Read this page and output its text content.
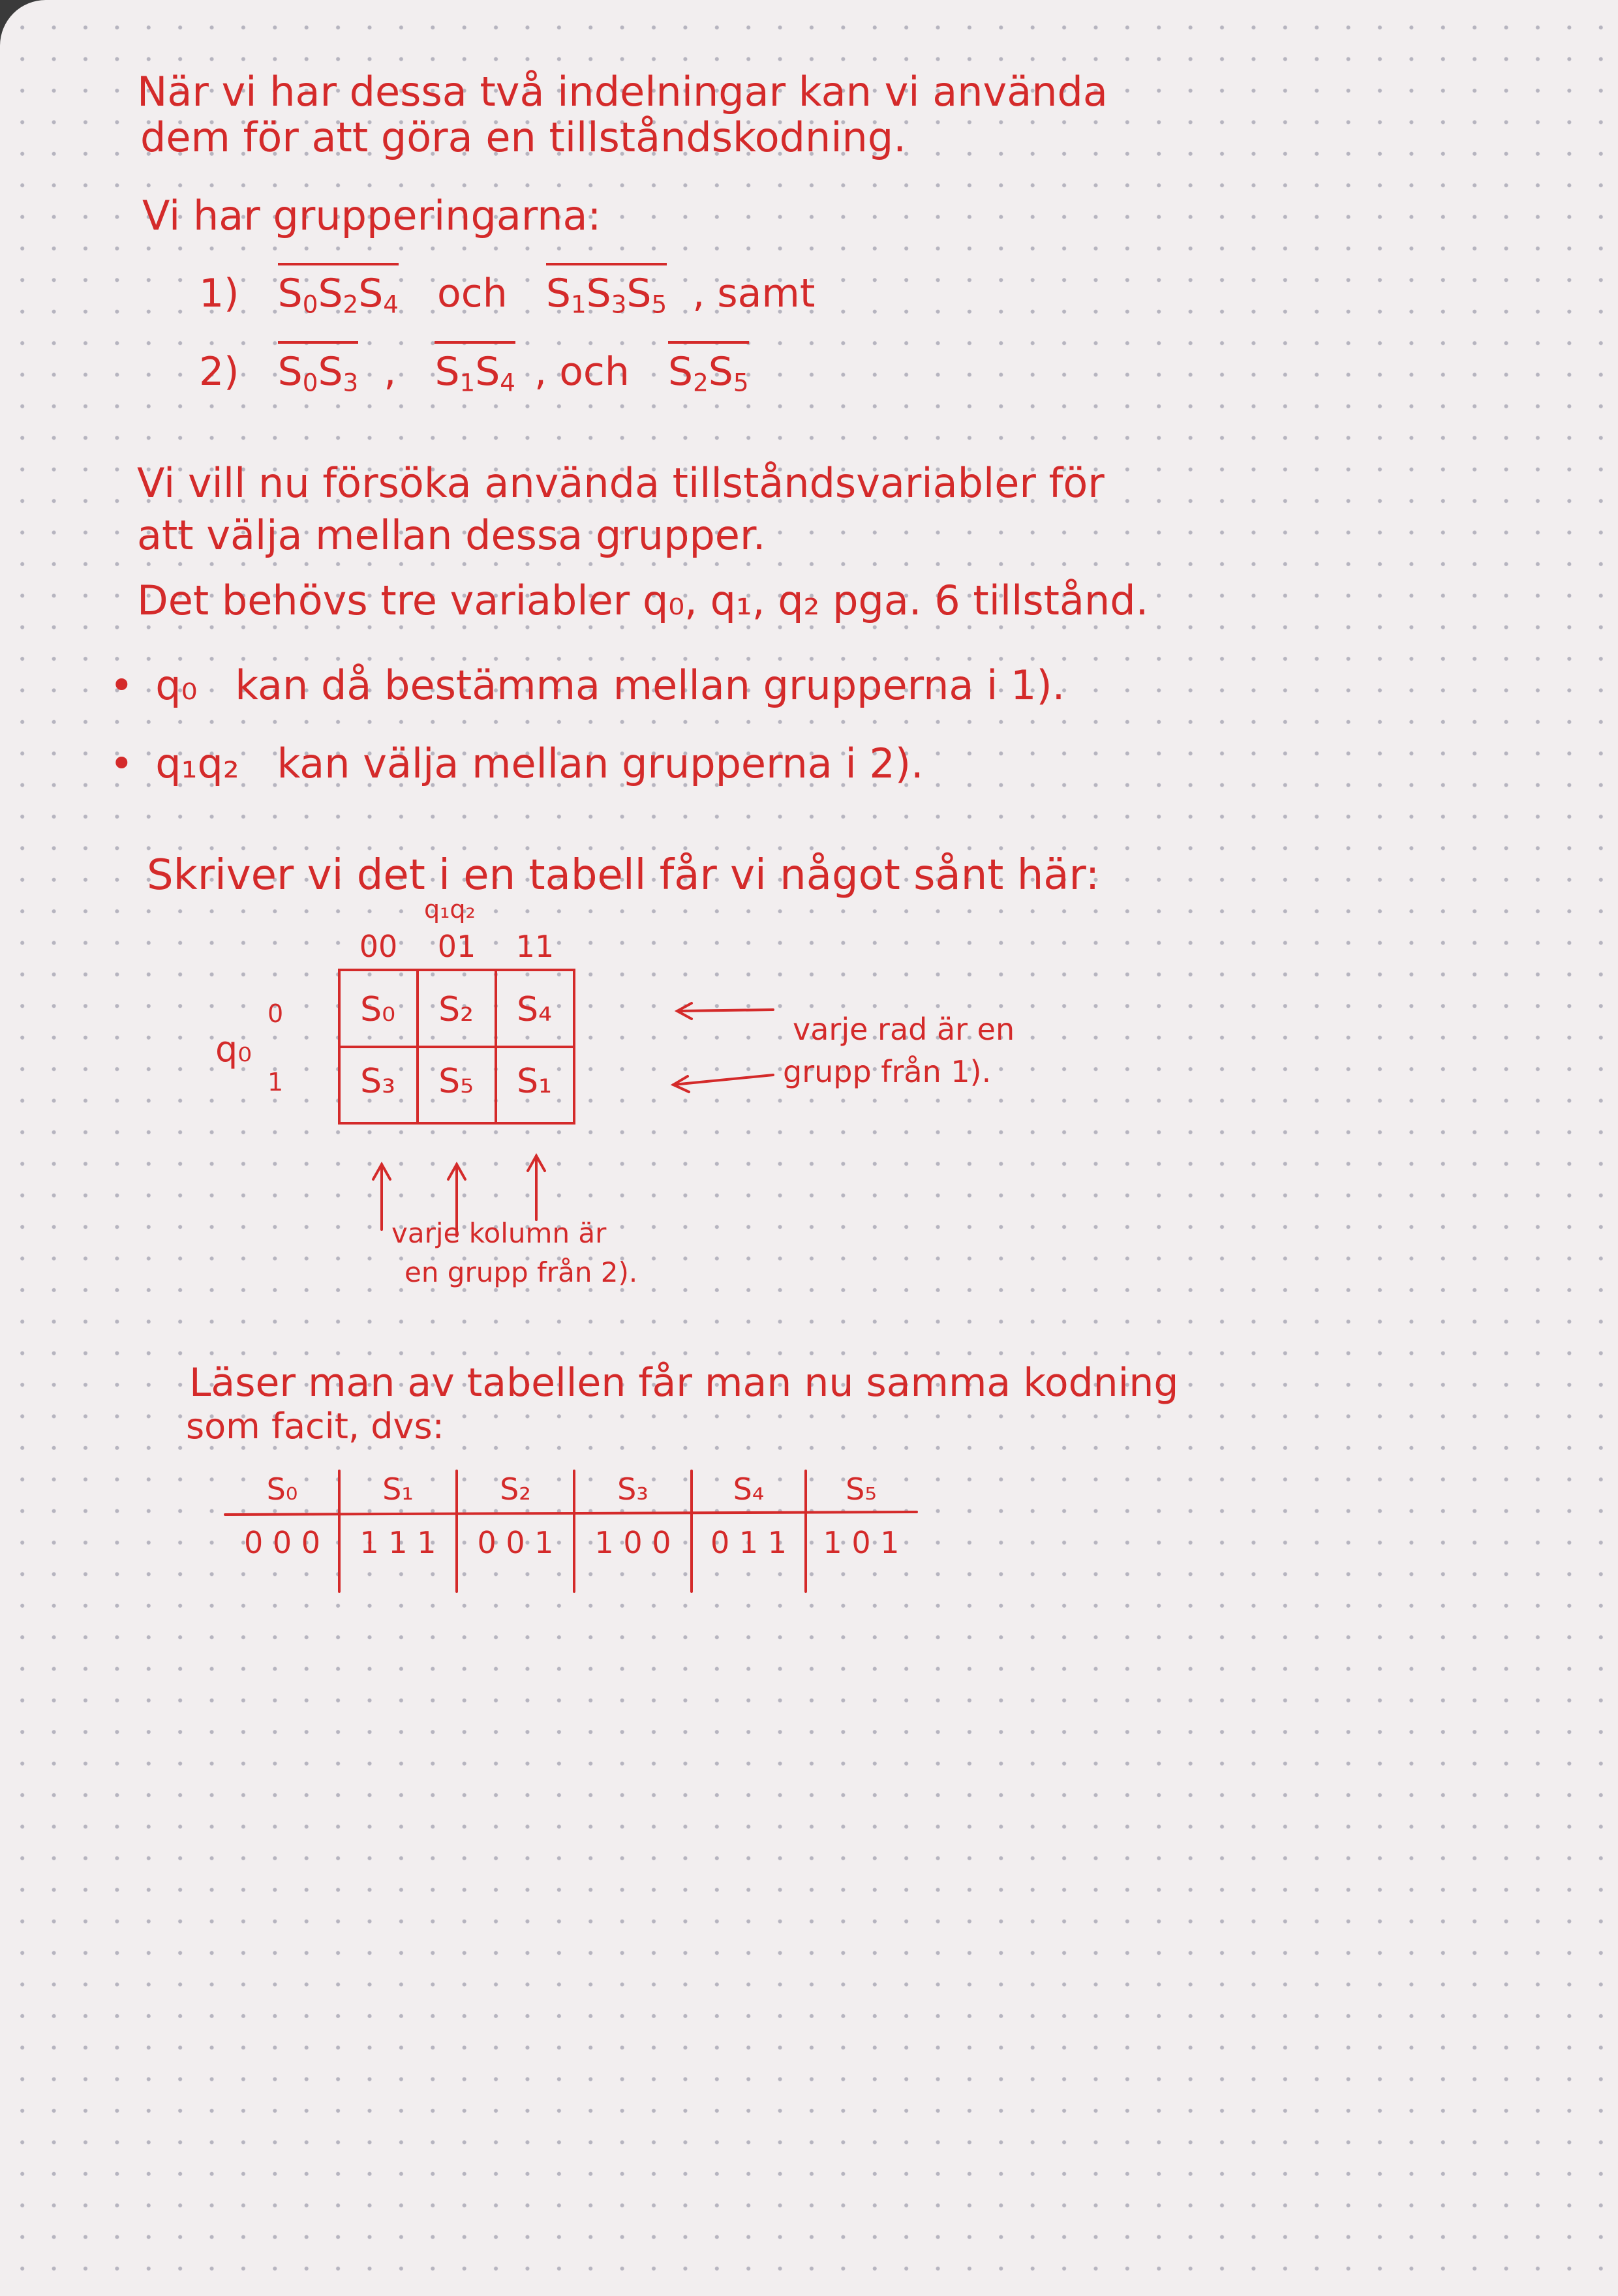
När vi har dessa två indelningar kan vi använda
dem för att göra en tillståndskodning.
Vi har grupperingarna:
1) $S_0S_2S_4$ och $S_1S_3S_5$ , samt
2) $S_0S_3$ , $S_1S_4$ , och $S_2S_5$
Vi vill nu försöka använda tillståndsvariabler för
att välja mellan dessa grupper.
Det behövs tre variabler q₀, q₁, q₂ pga. 6 tillstånd.
• q₀ kan då bestämma mellan grupperna i 1).
• q₁q₂ kan välja mellan grupperna i 2).
Skriver vi det i en tabell får vi något sånt här:
q₁q₂
00	01	11
q₀
0
1
S₀	S₂	S₄
S₃	S₅	S₁
varje rad är en
grupp från 1).
varje kolumn är
en grupp från 2).
Läser man av tabellen får man nu samma kodning
som facit, dvs:
S₀	S₁	S₂	S₃	S₄	S₅
0 0 0	1 1 1	0 0 1	1 0 0	0 1 1	1 0 1
